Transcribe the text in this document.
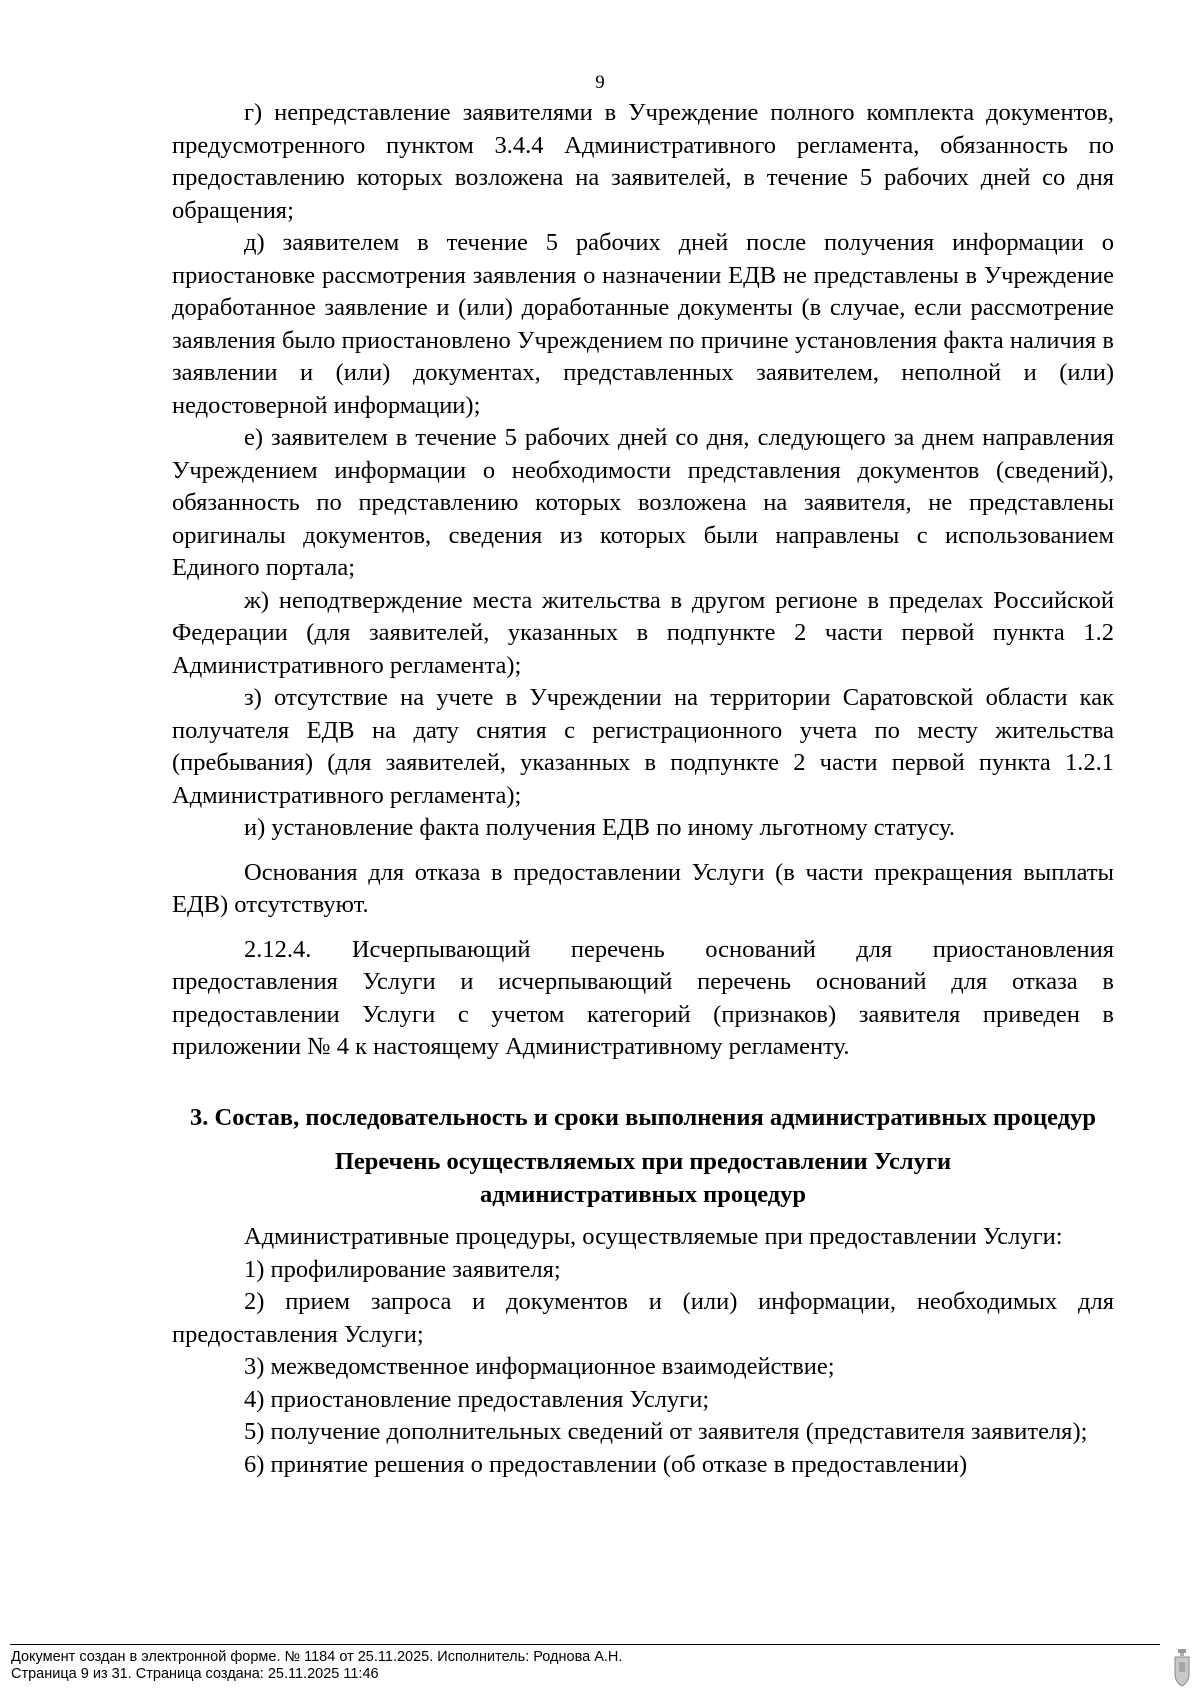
9

г) непредставление заявителями в Учреждение полного комплекта документов, предусмотренного пунктом 3.4.4 Административного регламента, обязанность по предоставлению которых возложена на заявителей, в течение 5 рабочих дней со дня обращения;

д) заявителем в течение 5 рабочих дней после получения информации о приостановке рассмотрения заявления о назначении ЕДВ не представлены в Учреждение доработанное заявление и (или) доработанные документы (в случае, если рассмотрение заявления было приостановлено Учреждением по причине установления факта наличия в заявлении и (или) документах, представленных заявителем, неполной и (или) недостоверной информации);

е) заявителем в течение 5 рабочих дней со дня, следующего за днем направления Учреждением информации о необходимости представления документов (сведений), обязанность по представлению которых возложена на заявителя, не представлены оригиналы документов, сведения из которых были направлены с использованием Единого портала;

ж) неподтверждение места жительства в другом регионе в пределах Российской Федерации (для заявителей, указанных в подпункте 2 части первой пункта 1.2 Административного регламента);

з) отсутствие на учете в Учреждении на территории Саратовской области как получателя ЕДВ на дату снятия с регистрационного учета по месту жительства (пребывания) (для заявителей, указанных в подпункте 2 части первой пункта 1.2.1 Административного регламента);

и) установление факта получения ЕДВ по иному льготному статусу.

Основания для отказа в предоставлении Услуги (в части прекращения выплаты ЕДВ) отсутствуют.

2.12.4. Исчерпывающий перечень оснований для приостановления предоставления Услуги и исчерпывающий перечень оснований для отказа в предоставлении Услуги с учетом категорий (признаков) заявителя приведен в приложении № 4 к настоящему Административному регламенту.

3. Состав, последовательность и сроки выполнения административных процедур
Перечень осуществляемых при предоставлении Услуги административных процедур

Административные процедуры, осуществляемые при предоставлении Услуги:

1) профилирование заявителя;

2) прием запроса и документов и (или) информации, необходимых для предоставления Услуги;

3) межведомственное информационное взаимодействие;

4) приостановление предоставления Услуги;

5) получение дополнительных сведений от заявителя (представителя заявителя);

6) принятие решения о предоставлении (об отказе в предоставлении)

Документ создан в электронной форме. № 1184 от 25.11.2025. Исполнитель: Роднова А.Н.
Страница 9 из 31. Страница создана: 25.11.2025 11:46
